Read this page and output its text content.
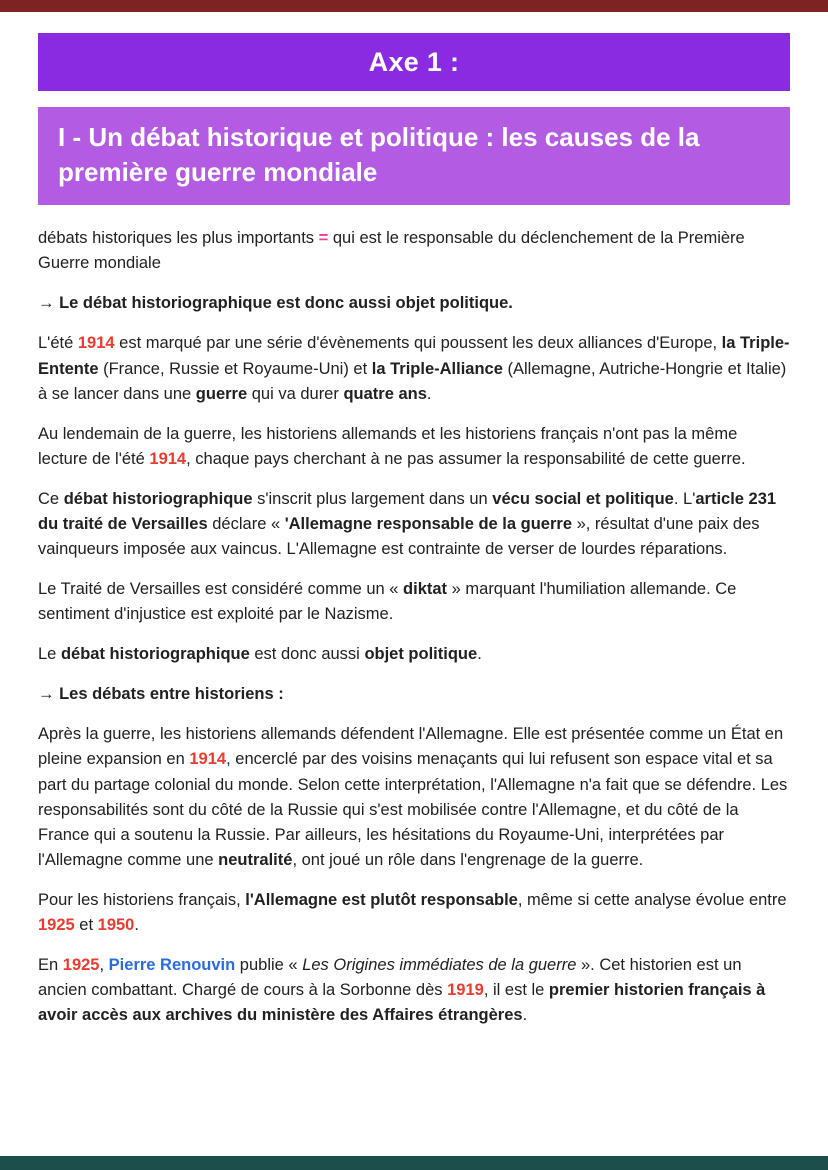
Axe 1 :
I - Un débat historique et politique : les causes de la première guerre mondiale

débats historiques les plus importants = qui est le responsable du déclenchement de la Première Guerre mondiale

→ Le débat historiographique est donc aussi objet politique.

L'été 1914 est marqué par une série d'évènements qui poussent les deux alliances d'Europe, la Triple-Entente (France, Russie et Royaume-Uni) et la Triple-Alliance (Allemagne, Autriche-Hongrie et Italie) à se lancer dans une guerre qui va durer quatre ans.

Au lendemain de la guerre, les historiens allemands et les historiens français n'ont pas la même lecture de l'été 1914, chaque pays cherchant à ne pas assumer la responsabilité de cette guerre.

Ce débat historiographique s'inscrit plus largement dans un vécu social et politique. L'article 231 du traité de Versailles déclare « 'Allemagne responsable de la guerre », résultat d'une paix des vainqueurs imposée aux vaincus. L'Allemagne est contrainte de verser de lourdes réparations.

Le Traité de Versailles est considéré comme un « diktat » marquant l'humiliation allemande. Ce sentiment d'injustice est exploité par le Nazisme.

Le débat historiographique est donc aussi objet politique.

→ Les débats entre historiens :

Après la guerre, les historiens allemands défendent l'Allemagne. Elle est présentée comme un État en pleine expansion en 1914, encerclé par des voisins menaçants qui lui refusent son espace vital et sa part du partage colonial du monde. Selon cette interprétation, l'Allemagne n'a fait que se défendre. Les responsabilités sont du côté de la Russie qui s'est mobilisée contre l'Allemagne, et du côté de la France qui a soutenu la Russie. Par ailleurs, les hésitations du Royaume-Uni, interprétées par l'Allemagne comme une neutralité, ont joué un rôle dans l'engrenage de la guerre.

Pour les historiens français, l'Allemagne est plutôt responsable, même si cette analyse évolue entre 1925 et 1950.

En 1925, Pierre Renouvin publie « Les Origines immédiates de la guerre ». Cet historien est un ancien combattant. Chargé de cours à la Sorbonne dès 1919, il est le premier historien français à avoir accès aux archives du ministère des Affaires étrangères.
